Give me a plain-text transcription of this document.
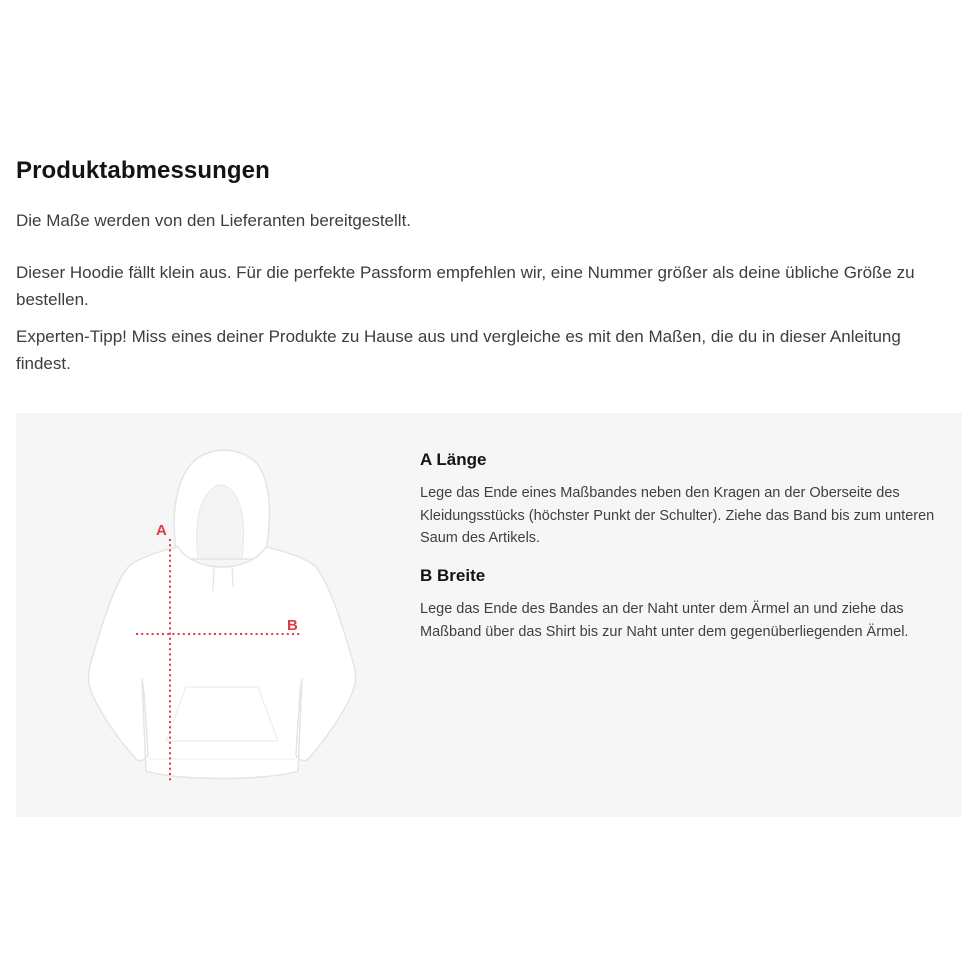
Produktabmessungen

Die Maße werden von den Lieferanten bereitgestellt.

Dieser Hoodie fällt klein aus. Für die perfekte Passform empfehlen wir, eine Nummer größer als deine übliche Größe zu bestellen.

Experten-Tipp! Miss eines deiner Produkte zu Hause aus und vergleiche es mit den Maßen, die du in dieser Anleitung findest.

A
B
A Länge

Lege das Ende eines Maßbandes neben den Kragen an der Oberseite des Kleidungsstücks (höchster Punkt der Schulter). Ziehe das Band bis zum unteren Saum des Artikels.

B Breite

Lege das Ende des Bandes an der Naht unter dem Ärmel an und ziehe das Maßband über das Shirt bis zur Naht unter dem gegenüberliegenden Ärmel.
